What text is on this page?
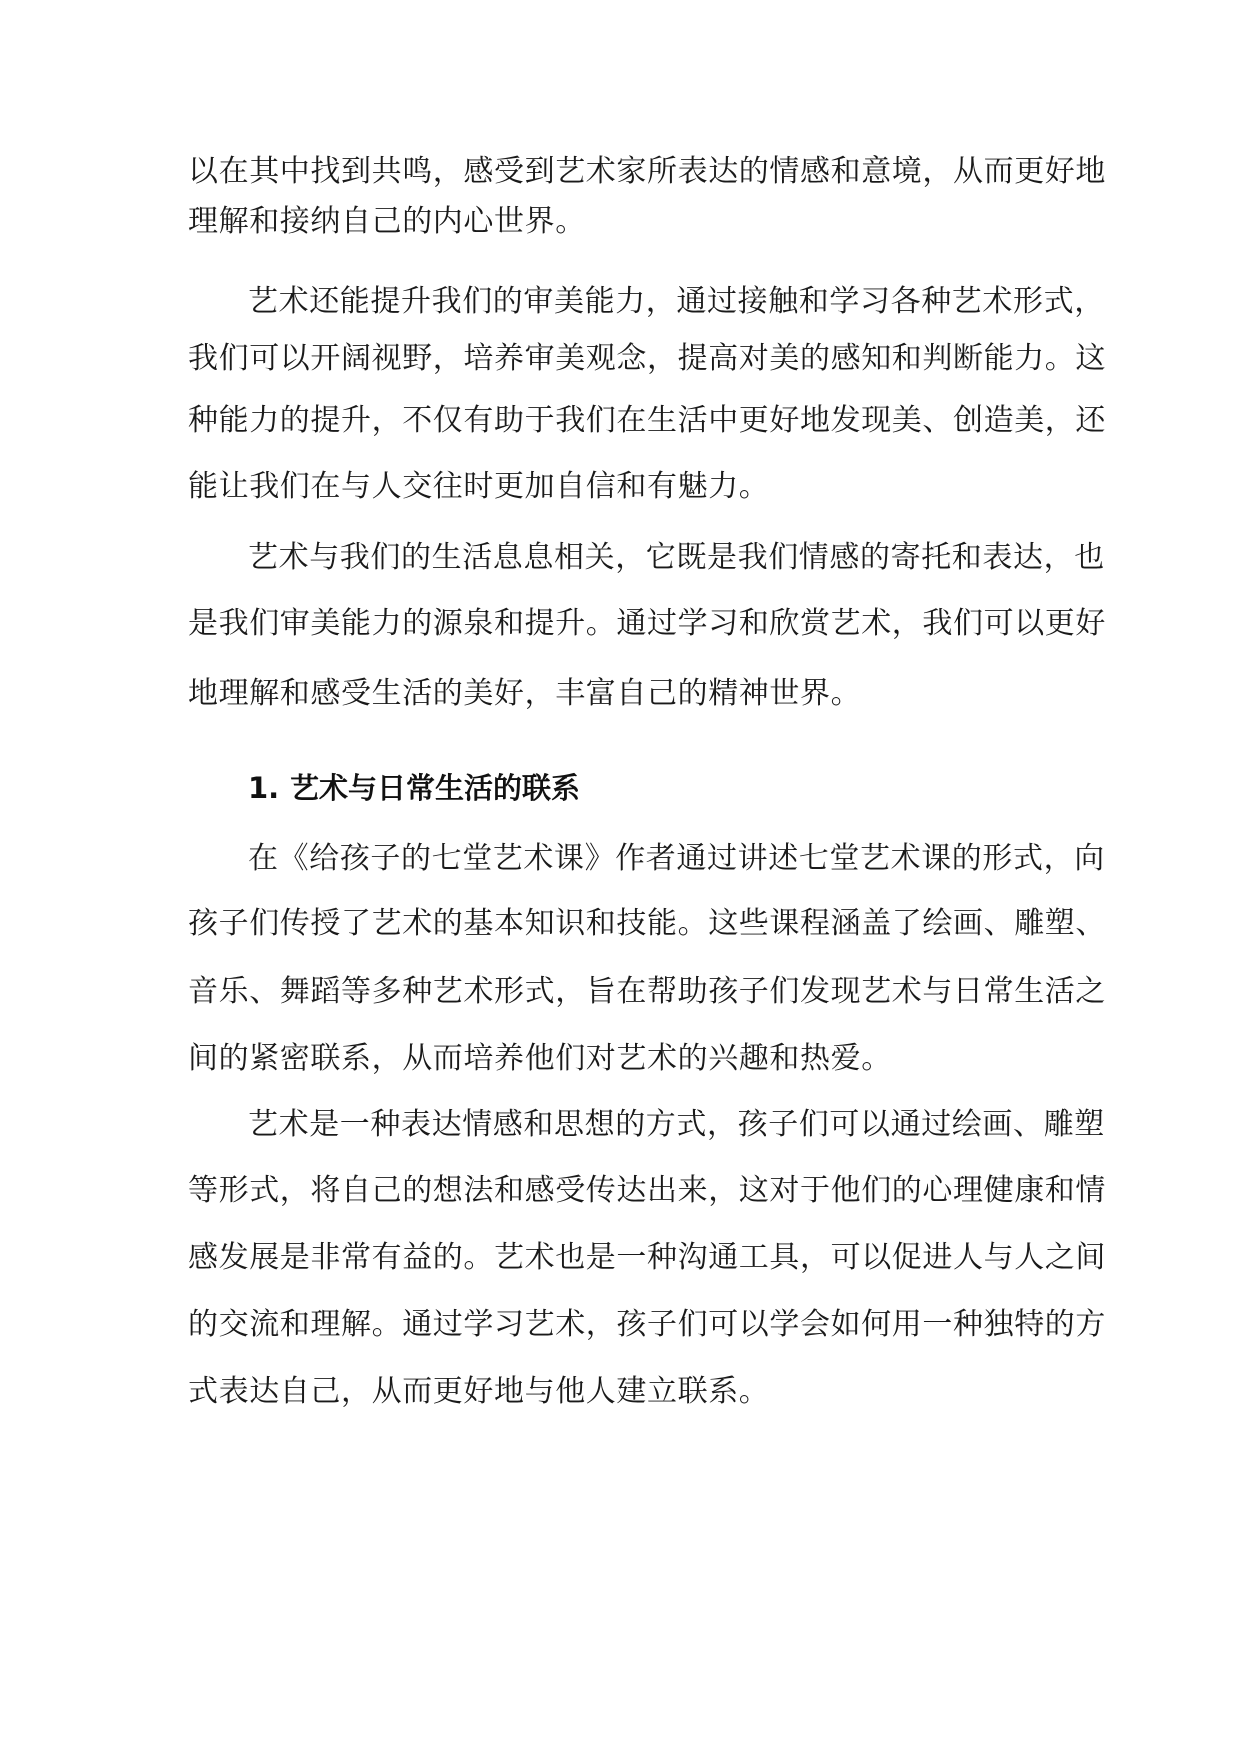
以在其中找到共鸣，感受到艺术家所表达的情感和意境，从而更好地
理解和接纳自己的内心世界。
艺术还能提升我们的审美能力，通过接触和学习各种艺术形式，
我们可以开阔视野，培养审美观念，提高对美的感知和判断能力。这
种能力的提升，不仅有助于我们在生活中更好地发现美、创造美，还
能让我们在与人交往时更加自信和有魅力。
艺术与我们的生活息息相关，它既是我们情感的寄托和表达，也
是我们审美能力的源泉和提升。通过学习和欣赏艺术，我们可以更好
地理解和感受生活的美好，丰富自己的精神世界。
1. 艺术与日常生活的联系
在《给孩子的七堂艺术课》作者通过讲述七堂艺术课的形式，向
孩子们传授了艺术的基本知识和技能。这些课程涵盖了绘画、雕塑、
音乐、舞蹈等多种艺术形式，旨在帮助孩子们发现艺术与日常生活之
间的紧密联系，从而培养他们对艺术的兴趣和热爱。
艺术是一种表达情感和思想的方式，孩子们可以通过绘画、雕塑
等形式，将自己的想法和感受传达出来，这对于他们的心理健康和情
感发展是非常有益的。艺术也是一种沟通工具，可以促进人与人之间
的交流和理解。通过学习艺术，孩子们可以学会如何用一种独特的方
式表达自己，从而更好地与他人建立联系。
